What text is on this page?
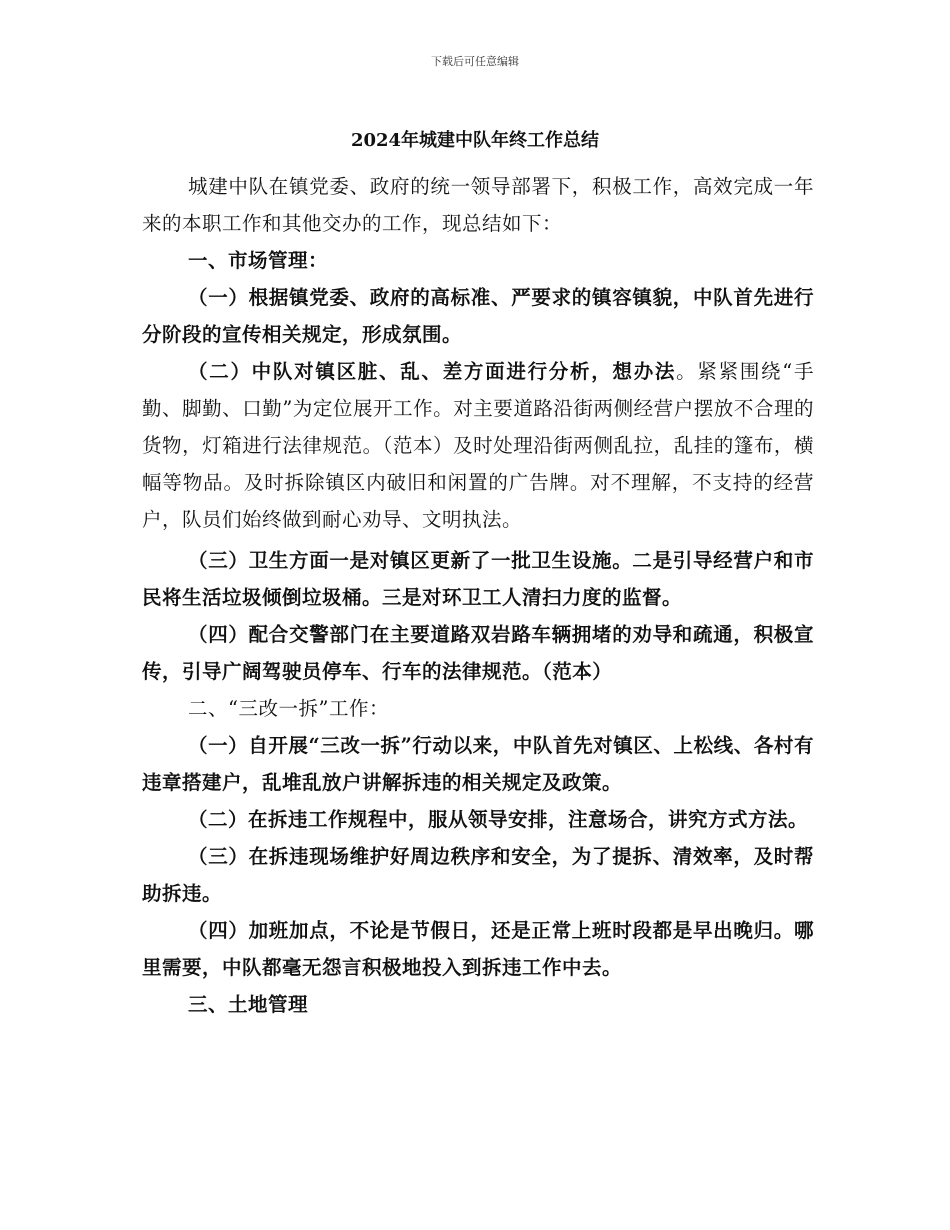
下载后可任意编辑
2024年城建中队年终工作总结

城建中队在镇党委、政府的统一领导部署下，积极工作，高效完成一年来的本职工作和其他交办的工作，现总结如下：

一、市场管理：

（一）根据镇党委、政府的高标准、严要求的镇容镇貌，中队首先进行分阶段的宣传相关规定，形成氛围。

（二）中队对镇区脏、乱、差方面进行分析，想办法。紧紧围绕“手勤、脚勤、口勤”为定位展开工作。对主要道路沿街两侧经营户摆放不合理的货物，灯箱进行法律规范。（范本）及时处理沿街两侧乱拉，乱挂的篷布，横幅等物品。及时拆除镇区内破旧和闲置的广告牌。对不理解，不支持的经营户，队员们始终做到耐心劝导、文明执法。

（三）卫生方面一是对镇区更新了一批卫生设施。二是引导经营户和市民将生活垃圾倾倒垃圾桶。三是对环卫工人清扫力度的监督。

（四）配合交警部门在主要道路双岩路车辆拥堵的劝导和疏通，积极宣传，引导广阔驾驶员停车、行车的法律规范。（范本）

二、“三改一拆”工作：

（一）自开展“三改一拆”行动以来，中队首先对镇区、上松线、各村有违章搭建户，乱堆乱放户讲解拆违的相关规定及政策。

（二）在拆违工作规程中，服从领导安排，注意场合，讲究方式方法。

（三）在拆违现场维护好周边秩序和安全，为了提拆、清效率，及时帮助拆违。

（四）加班加点，不论是节假日，还是正常上班时段都是早出晚归。哪里需要，中队都毫无怨言积极地投入到拆违工作中去。

三、土地管理
